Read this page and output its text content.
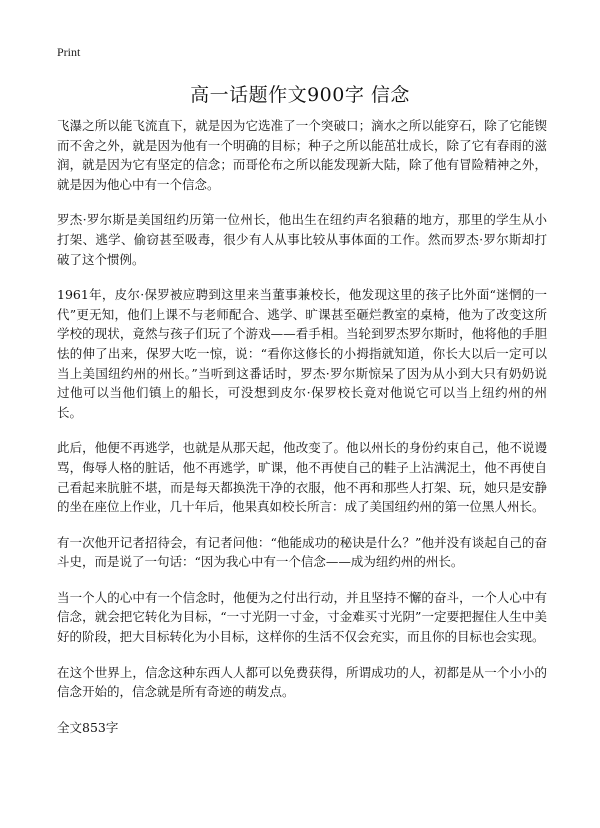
Print
高一话题作文900字 信念

飞瀑之所以能飞流直下，就是因为它选准了一个突破口；滴水之所以能穿石，除了它能锲而不舍之外，就是因为他有一个明确的目标；种子之所以能茁壮成长，除了它有春雨的滋润，就是因为它有坚定的信念；而哥伦布之所以能发现新大陆，除了他有冒险精神之外，就是因为他心中有一个信念。

罗杰·罗尔斯是美国纽约历第一位州长，他出生在纽约声名狼藉的地方，那里的学生从小打架、逃学、偷窃甚至吸毒，很少有人从事比较从事体面的工作。然而罗杰·罗尔斯却打破了这个惯例。

1961年，皮尔·保罗被应聘到这里来当董事兼校长，他发现这里的孩子比外面“迷惘的一代”更无知，他们上课不与老师配合、逃学、旷课甚至砸烂教室的桌椅，他为了改变这所学校的现状，竟然与孩子们玩了个游戏——看手相。当轮到罗杰罗尔斯时，他将他的手胆怯的伸了出来，保罗大吃一惊，说：“看你这修长的小拇指就知道，你长大以后一定可以当上美国纽约州的州长。”当听到这番话时，罗杰·罗尔斯惊呆了因为从小到大只有奶奶说过他可以当他们镇上的船长，可没想到皮尔·保罗校长竟对他说它可以当上纽约州的州长。

此后，他便不再逃学，也就是从那天起，他改变了。他以州长的身份约束自己，他不说谩骂，侮辱人格的脏话，他不再逃学，旷课，他不再使自己的鞋子上沾满泥土，他不再使自己看起来肮脏不堪，而是每天都换洗干净的衣服，他不再和那些人打架、玩，她只是安静的坐在座位上作业，几十年后，他果真如校长所言：成了美国纽约州的第一位黑人州长。

有一次他开记者招待会，有记者问他：“他能成功的秘诀是什么？”他并没有谈起自己的奋斗史，而是说了一句话：“因为我心中有一个信念——成为纽约州的州长。

当一个人的心中有一个信念时，他便为之付出行动，并且坚持不懈的奋斗，一个人心中有信念，就会把它转化为目标，“一寸光阴一寸金，寸金难买寸光阴”一定要把握住人生中美好的阶段，把大目标转化为小目标，这样你的生活不仅会充实，而且你的目标也会实现。

在这个世界上，信念这种东西人人都可以免费获得，所谓成功的人，初都是从一个小小的信念开始的，信念就是所有奇迹的萌发点。

全文853字
